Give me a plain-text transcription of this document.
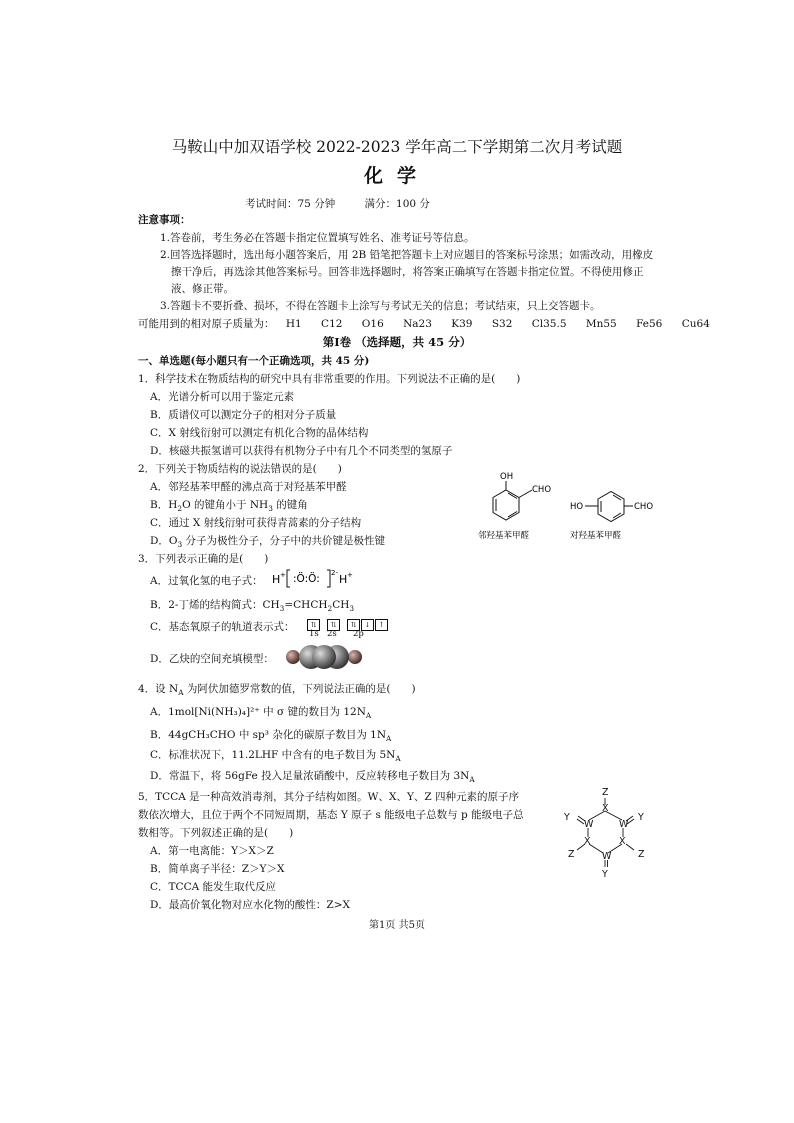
马鞍山中加双语学校 2022-2023 学年高二下学期第二次月考试题
化学
考试时间：75 分钟	满分：100 分
注意事项：
1.答卷前，考生务必在答题卡指定位置填写姓名、准考证号等信息。
2.回答选择题时，选出每小题答案后，用 2B 铅笔把答题卡上对应题目的答案标号涂黑；如需改动，用橡皮
擦干净后，再选涂其他答案标号。回答非选择题时，将答案正确填写在答题卡指定位置。不得使用修正
液、修正带。
3.答题卡不要折叠、损坏，不得在答题卡上涂写与考试无关的信息；考试结束，只上交答题卡。
可能用到的相对原子质量为： H1 C12 O16 Na23 K39 S32 Cl35.5 Mn55 Fe56 Cu64
第Ⅰ卷 （选择题，共 45 分）
一、单选题(每小题只有一个正确选项，共 45 分)
1．科学技术在物质结构的研究中具有非常重要的作用。下列说法不正确的是(　　)
A．光谱分析可以用于鉴定元素
B．质谱仪可以测定分子的相对分子质量
C．X 射线衍射可以测定有机化合物的晶体结构
D．核磁共振氢谱可以获得有机物分子中有几个不同类型的氢原子
2．下列关于物质结构的说法错误的是(　　)
A．邻羟基苯甲醛的沸点高于对羟基苯甲醛
B．$H_2O$ 的键角小于 $NH_3$ 的键角
C．通过 X 射线衍射可获得青蒿素的分子结构
D．$O_3$ 分子为极性分子，分子中的共价键是极性键
OH
CHO
邻羟基苯甲醛
HO	CHO
对羟基苯甲醛
3．下列表示正确的是(　　)
A．过氧化氢的电子式： H + :Ö:Ö: 2- H +
B．2-丁烯的结构简式：$CH_3=CHCH_2CH_3$
C．基态氧原子的轨道表示式：	⇅ ⇅ ⇅ ↓ ↑
1s 2s 2p
D．乙炔的空间充填模型：
4．设 $N_A$ 为阿伏加德罗常数的值，下列说法正确的是(　　)
A．1mol[Ni(NH₃)₄]²⁺ 中 σ 键的数目为 $12N_A$
B．44gCH₃CHO 中 sp³ 杂化的碳原子数目为 $1N_A$
C．标准状况下，11.2LHF 中含有的电子数目为 $5N_A$
D．常温下，将 56gFe 投入足量浓硝酸中，反应转移电子数目为 $3N_A$
5．TCCA 是一种高效消毒剂，其分子结构如图。W、X、Y、Z 四种元素的原子序
数依次增大，且位于两个不同短周期，基态 Y 原子 s 能级电子总数与 p 能级电子总
数相等。下列叙述正确的是(　　)
A．第一电离能：Y＞X＞Z
B．简单离子半径：Z＞Y＞X
C．TCCA 能发生取代反应
D．最高价氧化物对应水化物的酸性：Z>X
Z
X
Y
W	W
Y
X	X
Z	Z
W
Y
第1页 共5页
